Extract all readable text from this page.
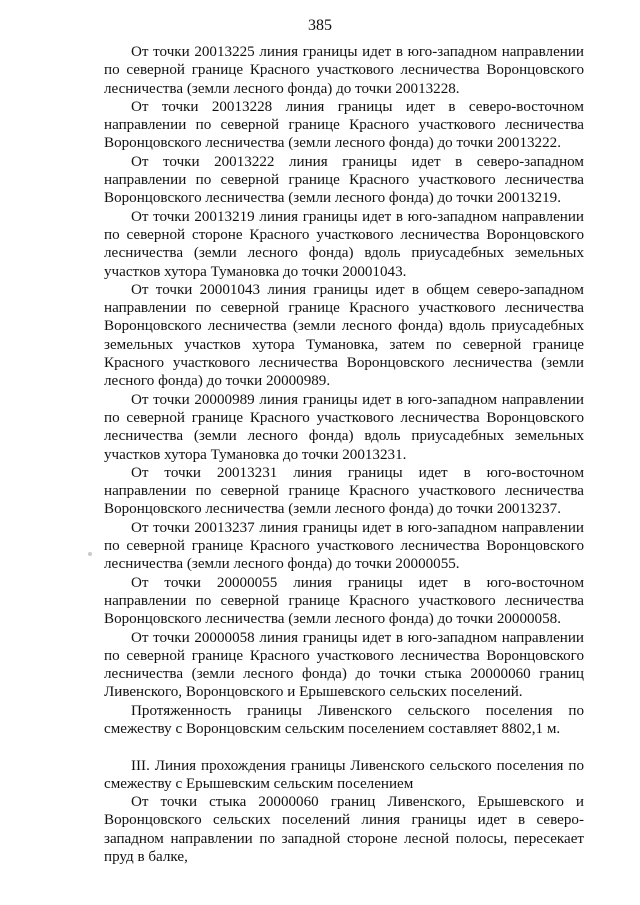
385

От точки 20013225 линия границы идет в юго-западном направлении по северной границе Красного участкового лесничества Воронцовского лесничества (земли лесного фонда) до точки 20013228.

От точки 20013228 линия границы идет в северо-восточном направлении по северной границе Красного участкового лесничества Воронцовского лесничества (земли лесного фонда) до точки 20013222.

От точки 20013222 линия границы идет в северо-западном направлении по северной границе Красного участкового лесничества Воронцовского лесничества (земли лесного фонда) до точки 20013219.

От точки 20013219 линия границы идет в юго-западном направлении по северной стороне Красного участкового лесничества Воронцовского лесничества (земли лесного фонда) вдоль приусадебных земельных участков хутора Тумановка до точки 20001043.

От точки 20001043 линия границы идет в общем северо-западном направлении по северной границе Красного участкового лесничества Воронцовского лесничества (земли лесного фонда) вдоль приусадебных земельных участков хутора Тумановка, затем по северной границе Красного участкового лесничества Воронцовского лесничества (земли лесного фонда) до точки 20000989.

От точки 20000989 линия границы идет в юго-западном направлении по северной границе Красного участкового лесничества Воронцовского лесничества (земли лесного фонда) вдоль приусадебных земельных участков хутора Тумановка до точки 20013231.

От точки 20013231 линия границы идет в юго-восточном направлении по северной границе Красного участкового лесничества Воронцовского лесничества (земли лесного фонда) до точки 20013237.

От точки 20013237 линия границы идет в юго-западном направлении по северной границе Красного участкового лесничества Воронцовского лесничества (земли лесного фонда) до точки 20000055.

От точки 20000055 линия границы идет в юго-восточном направлении по северной границе Красного участкового лесничества Воронцовского лесничества (земли лесного фонда) до точки 20000058.

От точки 20000058 линия границы идет в юго-западном направлении по северной границе Красного участкового лесничества Воронцовского лесничества (земли лесного фонда) до точки стыка 20000060 границ Ливенского, Воронцовского и Ерышевского сельских поселений.

Протяженность границы Ливенского сельского поселения по смежеству с Воронцовским сельским поселением составляет 8802,1 м.

III. Линия прохождения границы Ливенского сельского поселения по смежеству с Ерышевским сельским поселением

От точки стыка 20000060 границ Ливенского, Ерышевского и Воронцовского сельских поселений линия границы идет в северо-западном направлении по западной стороне лесной полосы, пересекает пруд в балке,
